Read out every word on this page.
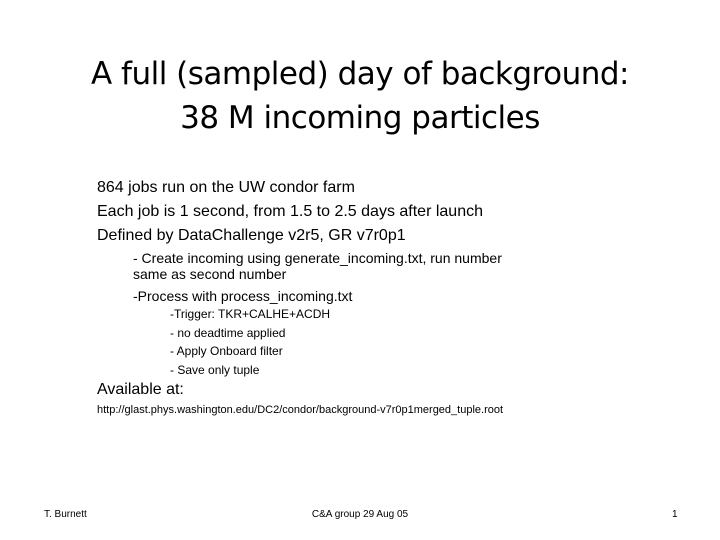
A full (sampled) day of background:
38 M incoming particles
864 jobs run on the UW condor farm
Each job is 1 second, from 1.5 to 2.5 days after launch
Defined by DataChallenge v2r5, GR v7r0p1
- Create incoming using generate_incoming.txt, run number
same as second number
-Process with process_incoming.txt
-Trigger: TKR+CALHE+ACDH
- no deadtime applied
- Apply Onboard filter
- Save only tuple
Available at:
http://glast.phys.washington.edu/DC2/condor/background-v7r0p1merged_tuple.root
T. Burnett	C&A group 29 Aug 05	1
